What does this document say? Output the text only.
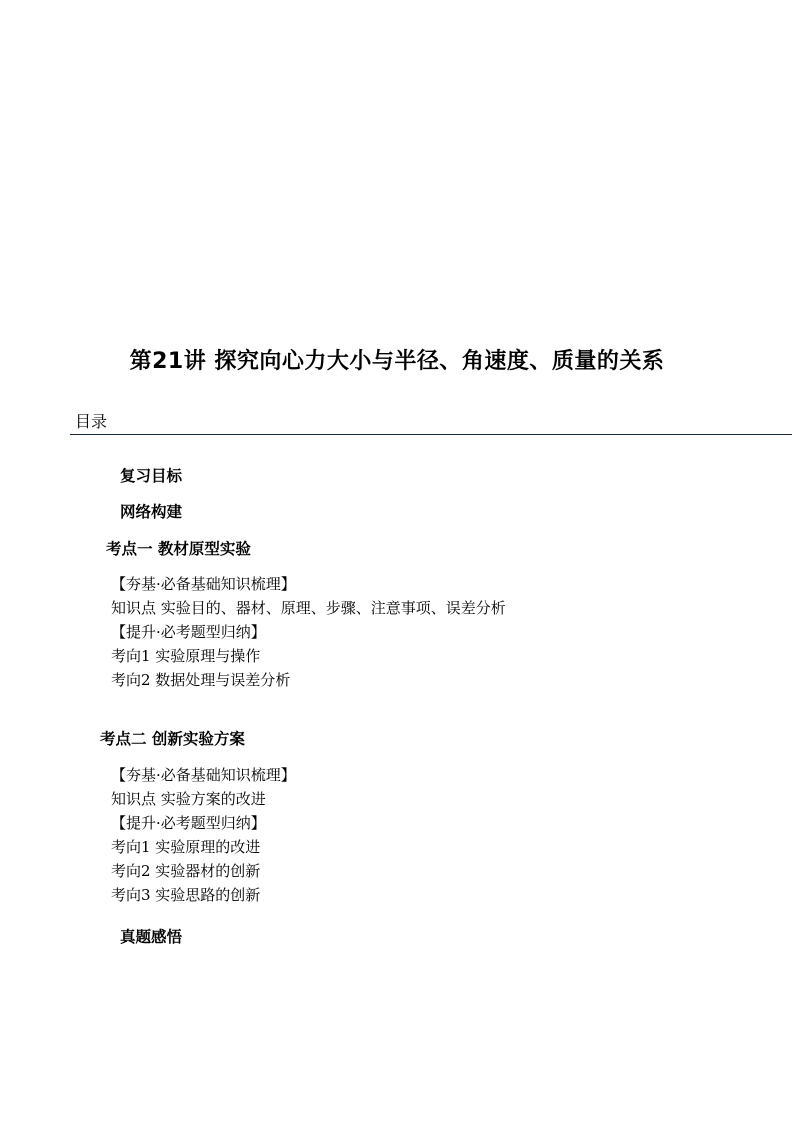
第21讲 探究向心力大小与半径、角速度、质量的关系
目录
复习目标
网络构建
考点一 教材原型实验
【夯基·必备基础知识梳理】
知识点 实验目的、器材、原理、步骤、注意事项、误差分析
【提升·必考题型归纳】
考向1 实验原理与操作
考向2 数据处理与误差分析
考点二 创新实验方案
【夯基·必备基础知识梳理】
知识点 实验方案的改进
【提升·必考题型归纳】
考向1 实验原理的改进
考向2 实验器材的创新
考向3 实验思路的创新
真题感悟
